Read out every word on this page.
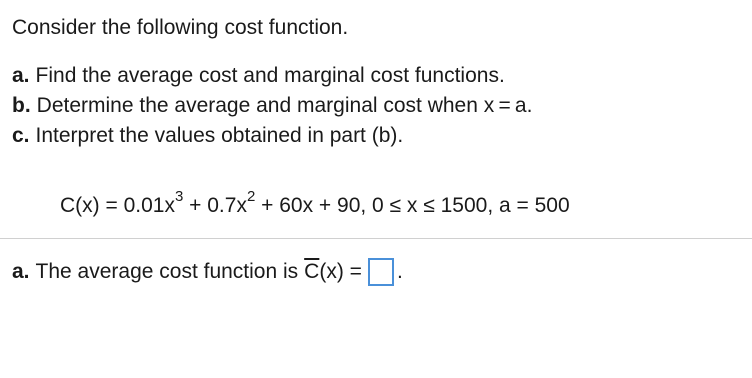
Consider the following cost function.
a. Find the average cost and marginal cost functions.
b. Determine the average and marginal cost when x = a.
c. Interpret the values obtained in part (b).
$C(x) = 0.01x^3 + 0.7x^2 + 60x + 90$, 0 ≤ x ≤ 1500, a = 500
a. The average cost function is $\overline{C}$ (x) = .
